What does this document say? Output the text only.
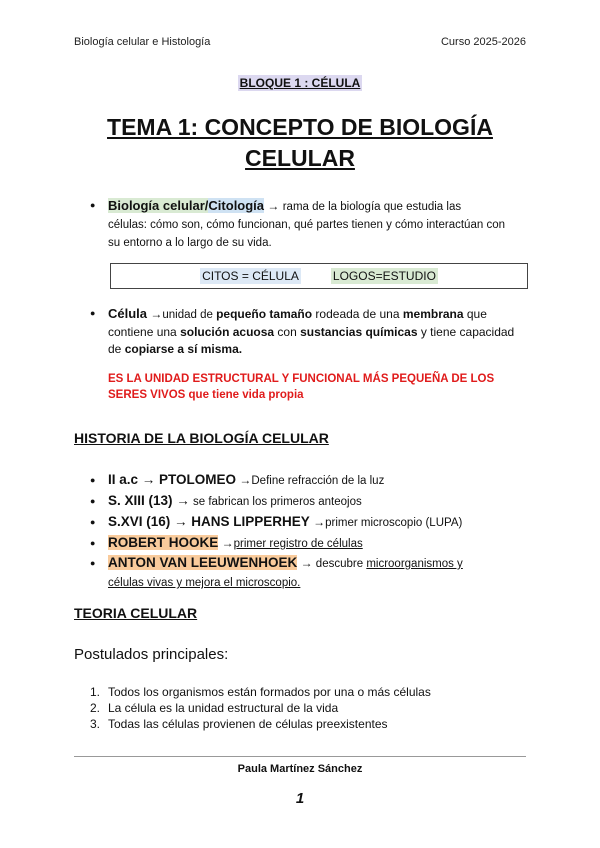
Biología celular e Histología	Curso 2025-2026
BLOQUE 1 : CÉLULA
TEMA 1: CONCEPTO DE BIOLOGÍA
CELULAR
● Biología celular/Citología → rama de la biología que estudia las
células: cómo son, cómo funcionan, qué partes tienen y cómo interactúan con
su entorno a lo largo de su vida.
CITOS = CÉLULA	LOGOS=ESTUDIO
● Célula →unidad de pequeño tamaño rodeada de una membrana que
contiene una solución acuosa con sustancias químicas y tiene capacidad
de copiarse a sí misma.
ES LA UNIDAD ESTRUCTURAL Y FUNCIONAL MÁS PEQUEÑA DE LOS
SERES VIVOS que tiene vida propia
HISTORIA DE LA BIOLOGÍA CELULAR
● II a.c → PTOLOMEO →Define refracción de la luz
● S. XIII (13) → se fabrican los primeros anteojos
● S.XVI (16) → HANS LIPPERHEY →primer microscopio (LUPA)
● ROBERT HOOKE →primer registro de células
● ANTON VAN LEEUWENHOEK → descubre microorganismos y
células vivas y mejora el microscopio.
TEORIA CELULAR
Postulados principales:
1. Todos los organismos están formados por una o más células
2. La célula es la unidad estructural de la vida
3. Todas las células provienen de células preexistentes
Paula Martínez Sánchez
1
